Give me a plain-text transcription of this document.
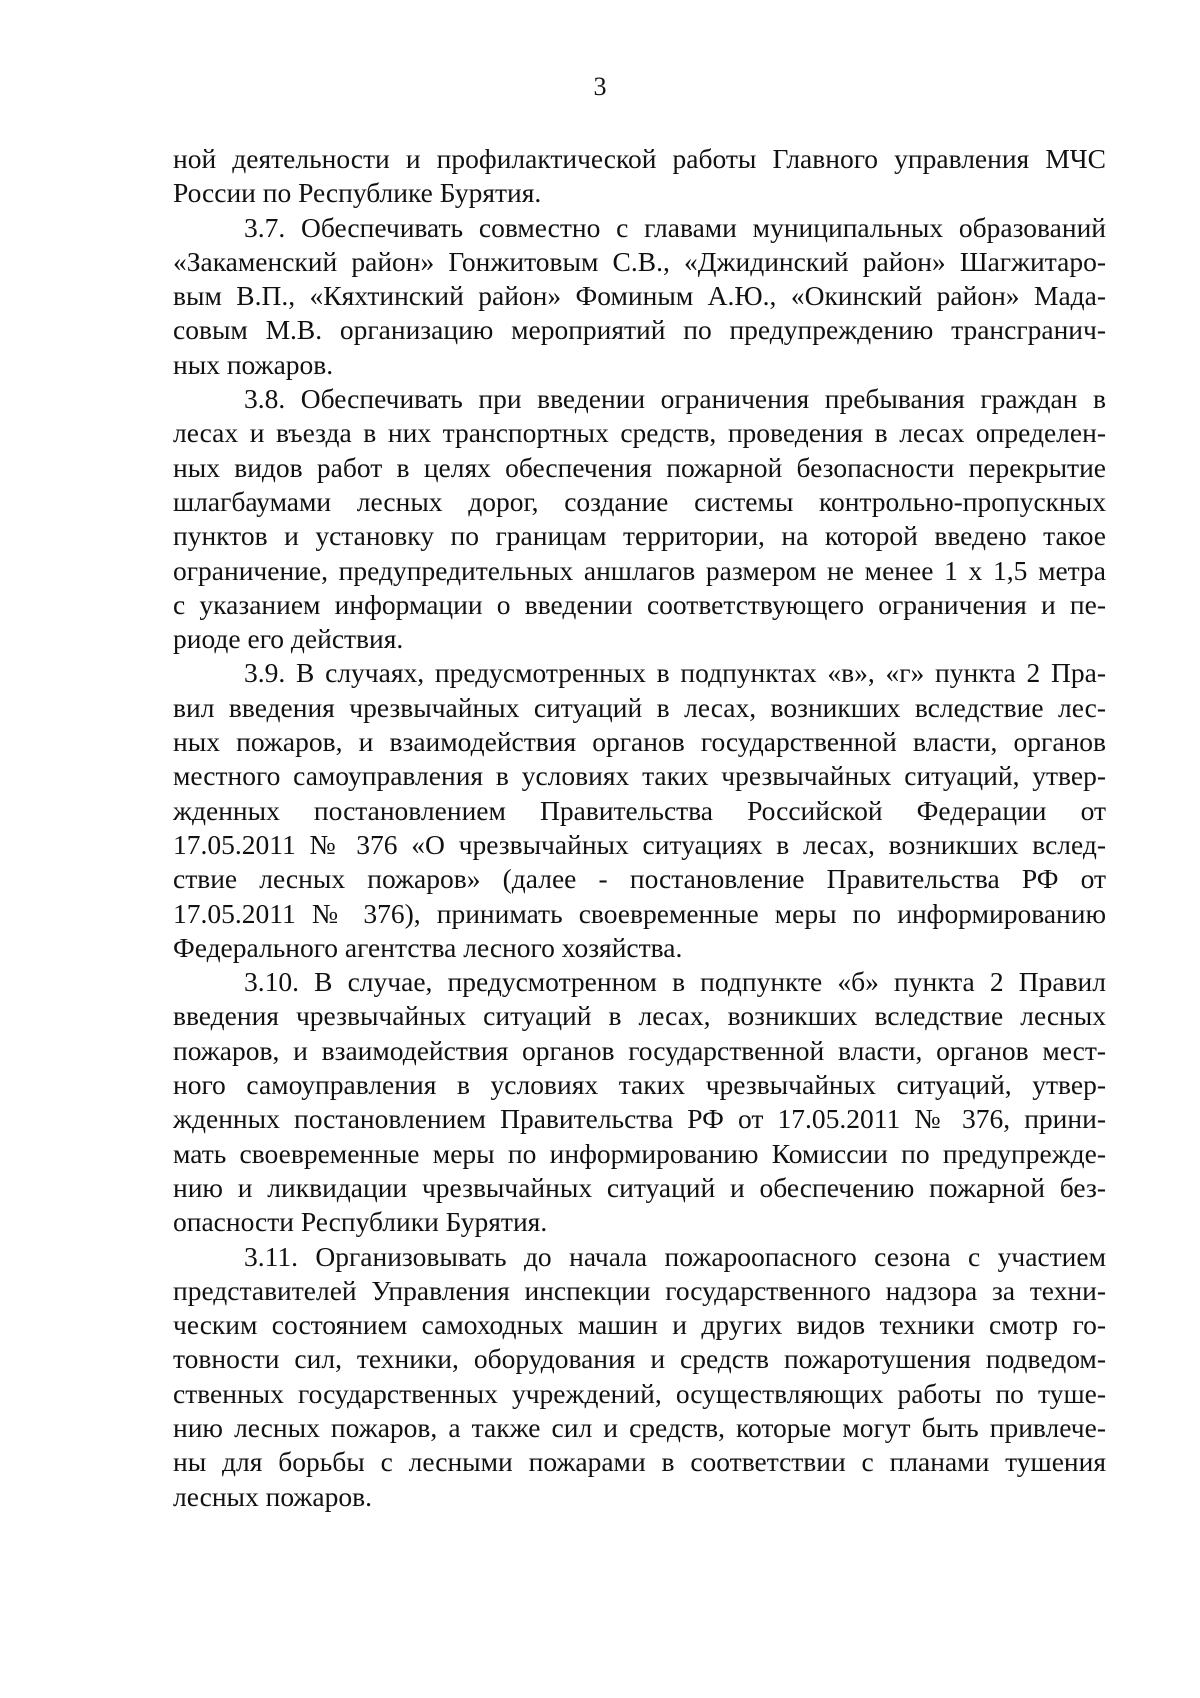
3
ной деятельности и профилактической работы Главного управления МЧС
России по Республике Бурятия.
3.7. Обеспечивать совместно с главами муниципальных образований
«Закаменский район» Гонжитовым С.В., «Джидинский район» Шагжитаро-
вым В.П., «Кяхтинский район» Фоминым А.Ю., «Окинский район» Мада-
совым М.В. организацию мероприятий по предупреждению трансгранич-
ных пожаров.
3.8. Обеспечивать при введении ограничения пребывания граждан в
лесах и въезда в них транспортных средств, проведения в лесах определен-
ных видов работ в целях обеспечения пожарной безопасности перекрытие
шлагбаумами лесных дорог, создание системы контрольно-пропускных
пунктов и установку по границам территории, на которой введено такое
ограничение, предупредительных аншлагов размером не менее 1 х 1,5 метра
с указанием информации о введении соответствующего ограничения и пе-
риоде его действия.
3.9. В случаях, предусмотренных в подпунктах «в», «г» пункта 2 Пра-
вил введения чрезвычайных ситуаций в лесах, возникших вследствие лес-
ных пожаров, и взаимодействия органов государственной власти, органов
местного самоуправления в условиях таких чрезвычайных ситуаций, утвер-
жденных постановлением Правительства Российской Федерации от
17.05.2011 № 376 «О чрезвычайных ситуациях в лесах, возникших вслед-
ствие лесных пожаров» (далее - постановление Правительства РФ от
17.05.2011 № 376), принимать своевременные меры по информированию
Федерального агентства лесного хозяйства.
3.10. В случае, предусмотренном в подпункте «б» пункта 2 Правил
введения чрезвычайных ситуаций в лесах, возникших вследствие лесных
пожаров, и взаимодействия органов государственной власти, органов мест-
ного самоуправления в условиях таких чрезвычайных ситуаций, утвер-
жденных постановлением Правительства РФ от 17.05.2011 № 376, прини-
мать своевременные меры по информированию Комиссии по предупрежде-
нию и ликвидации чрезвычайных ситуаций и обеспечению пожарной без-
опасности Республики Бурятия.
3.11. Организовывать до начала пожароопасного сезона с участием
представителей Управления инспекции государственного надзора за техни-
ческим состоянием самоходных машин и других видов техники смотр го-
товности сил, техники, оборудования и средств пожаротушения подведом-
ственных государственных учреждений, осуществляющих работы по туше-
нию лесных пожаров, а также сил и средств, которые могут быть привлече-
ны для борьбы с лесными пожарами в соответствии с планами тушения
лесных пожаров.
